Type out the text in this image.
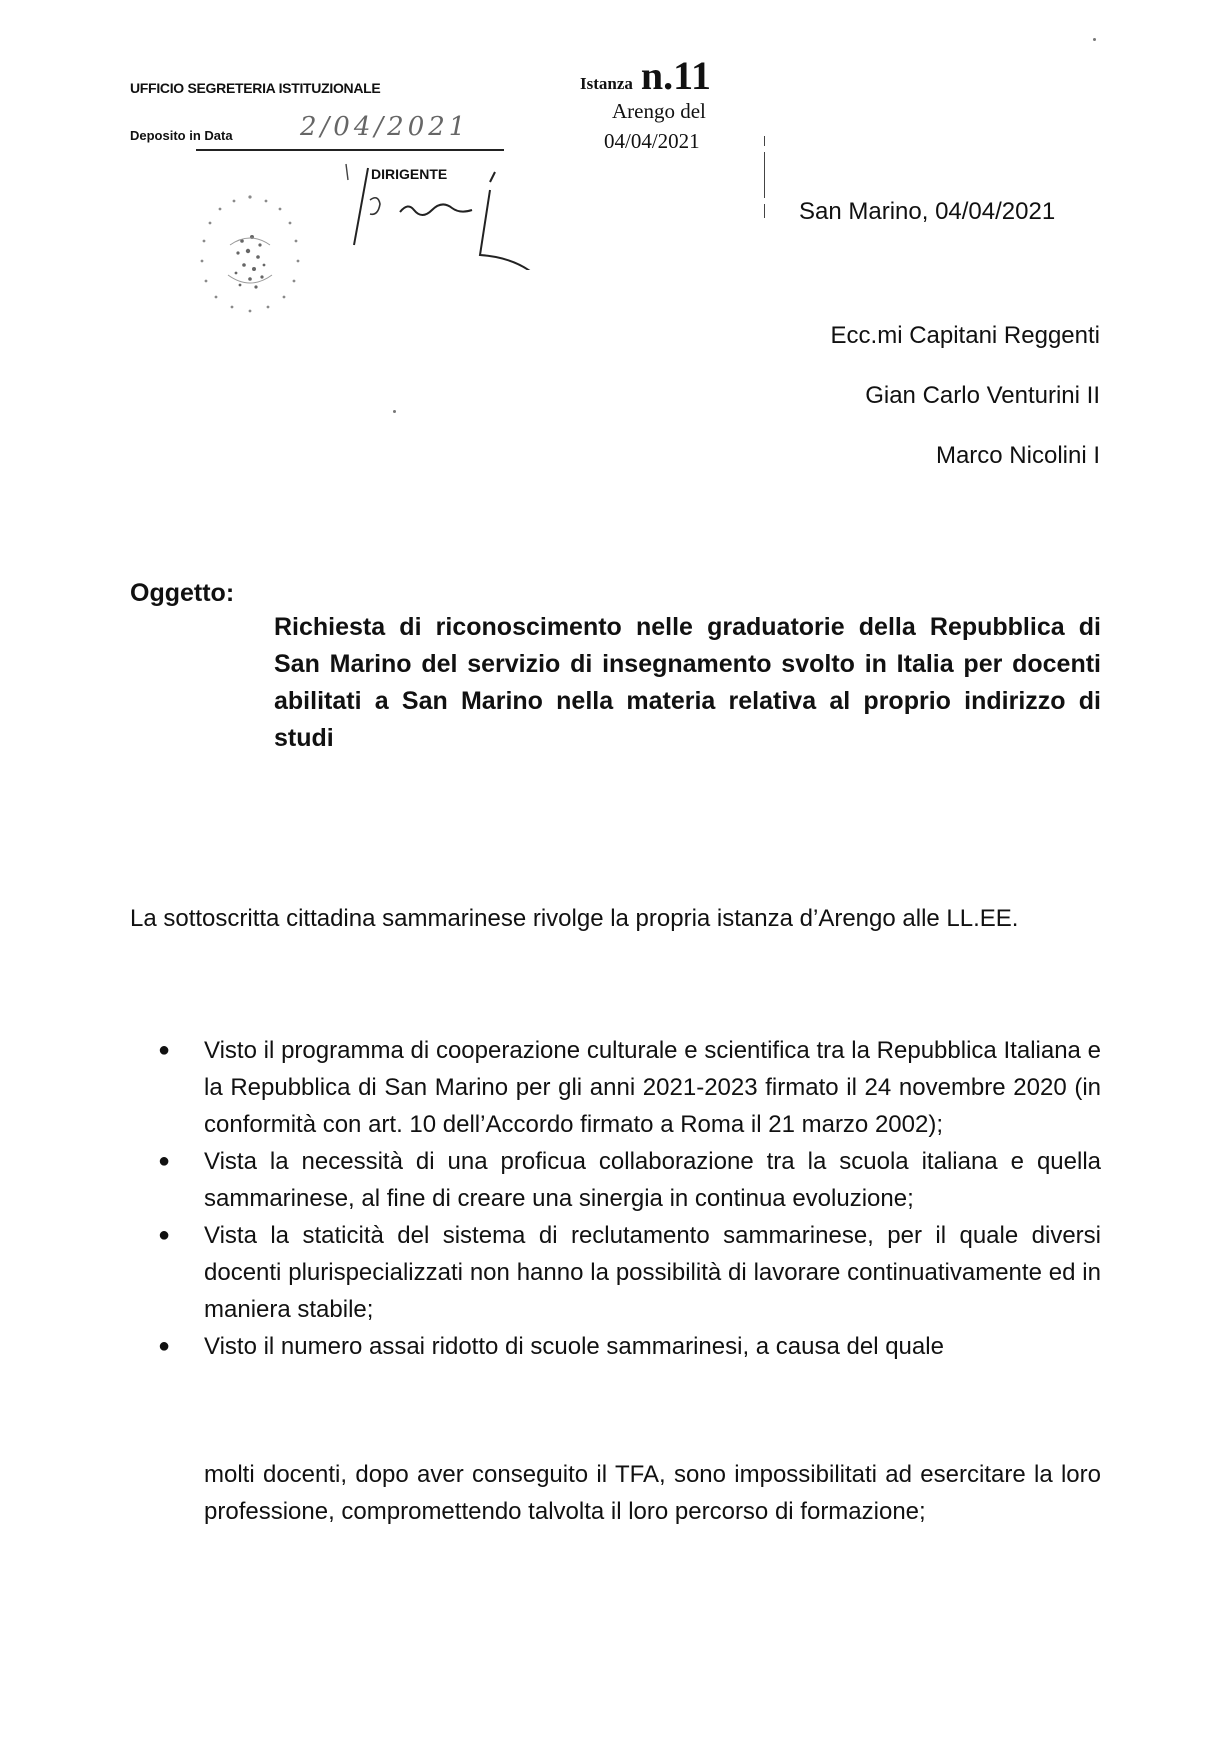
UFFICIO SEGRETERIA ISTITUZIONALE
Deposito in Data	2/04/2021
DIRIGENTE
Istanza n.11
Arengo del
04/04/2021
San Marino, 04/04/2021
Ecc.mi Capitani Reggenti
Gian Carlo Venturini II
Marco Nicolini I
Oggetto:
Richiesta di riconoscimento nelle graduatorie della Repubblica di San Marino del servizio di insegnamento svolto in Italia per docenti abilitati a San Marino nella materia relativa al proprio indirizzo di studi
La sottoscritta cittadina sammarinese rivolge la propria istanza d’Arengo alle LL.EE.
● Visto il programma di cooperazione culturale e scientifica tra la Repubblica Italiana e la Repubblica di San Marino per gli anni 2021-2023 firmato il 24 novembre 2020 (in conformità con art. 10 dell’Accordo firmato a Roma il 21 marzo 2002);
● Vista la necessità di una proficua collaborazione tra la scuola italiana e quella sammarinese, al fine di creare una sinergia in continua evoluzione;
● Vista la staticità del sistema di reclutamento sammarinese, per il quale diversi docenti plurispecializzati non hanno la possibilità di lavorare continuativamente ed in maniera stabile;
● Visto il numero assai ridotto di scuole sammarinesi, a causa del quale
molti docenti, dopo aver conseguito il TFA, sono impossibilitati ad esercitare la loro professione, compromettendo talvolta il loro percorso di formazione;
